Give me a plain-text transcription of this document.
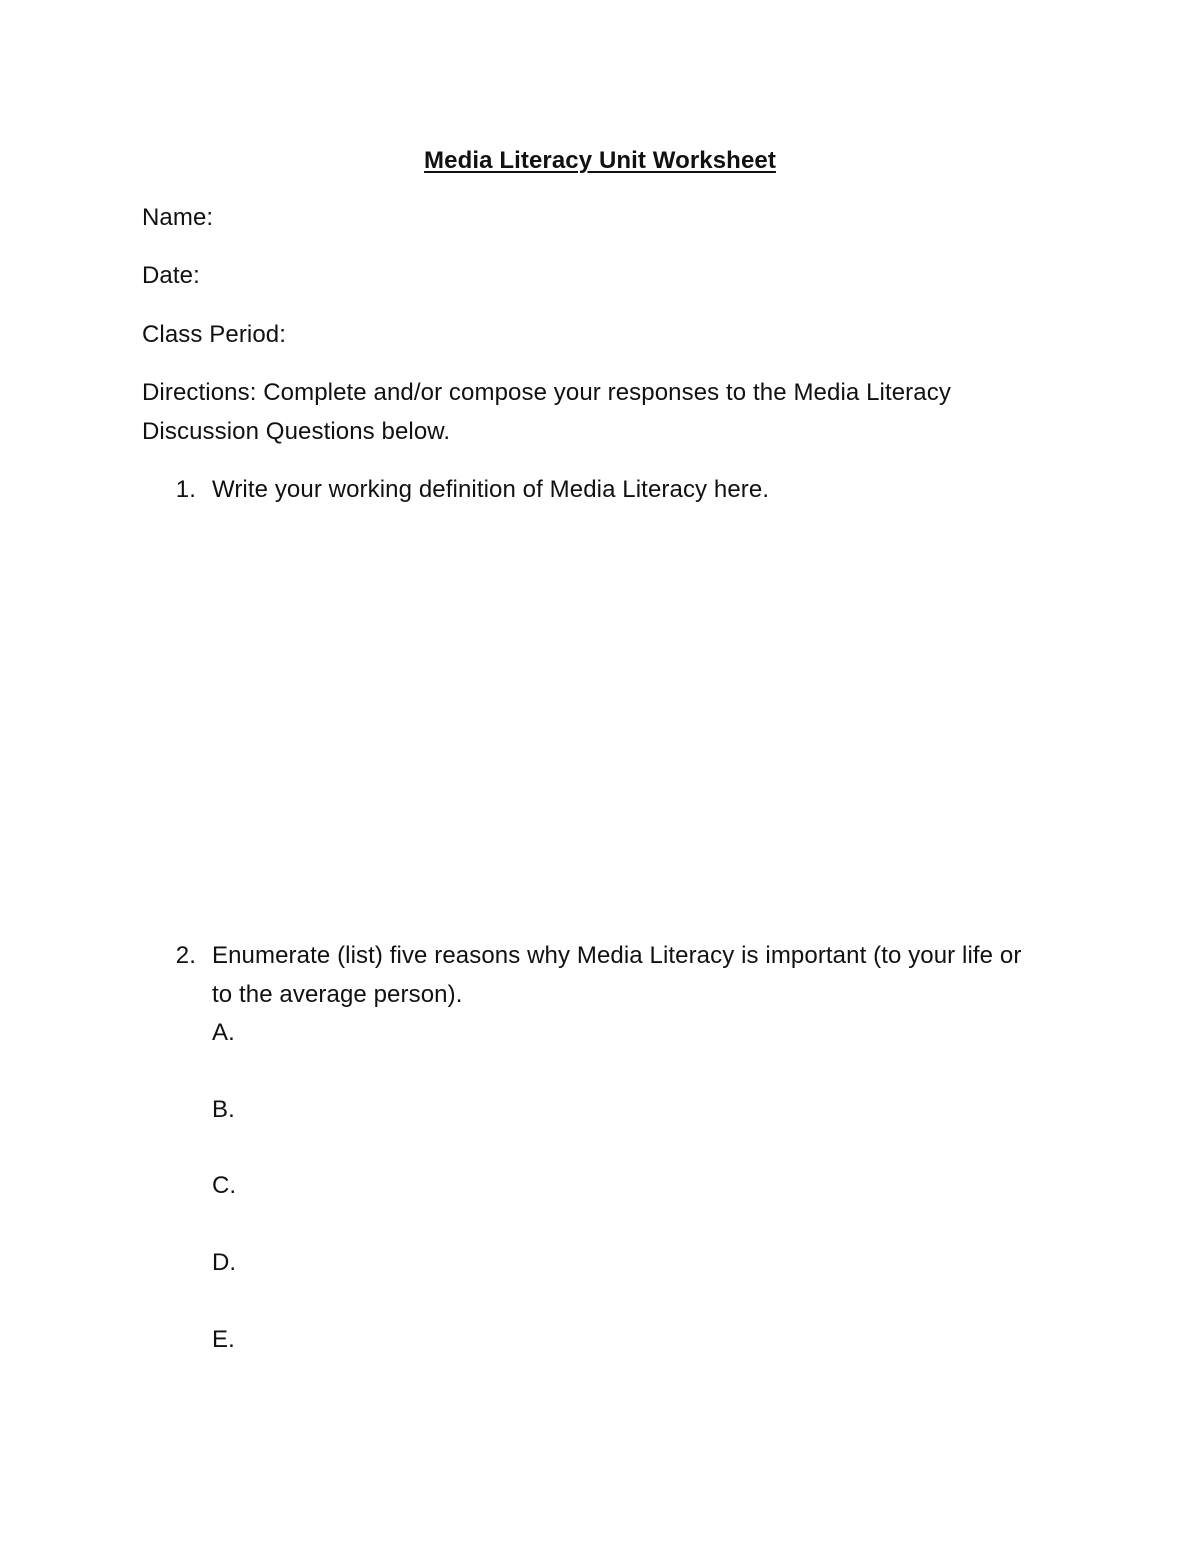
Media Literacy Unit Worksheet
Name:
Date:
Class Period:
Directions: Complete and/or compose your responses to the Media Literacy
Discussion Questions below.
1. Write your working definition of Media Literacy here.
2. Enumerate (list) five reasons why Media Literacy is important (to your life or
to the average person).
A.
B.
C.
D.
E.
